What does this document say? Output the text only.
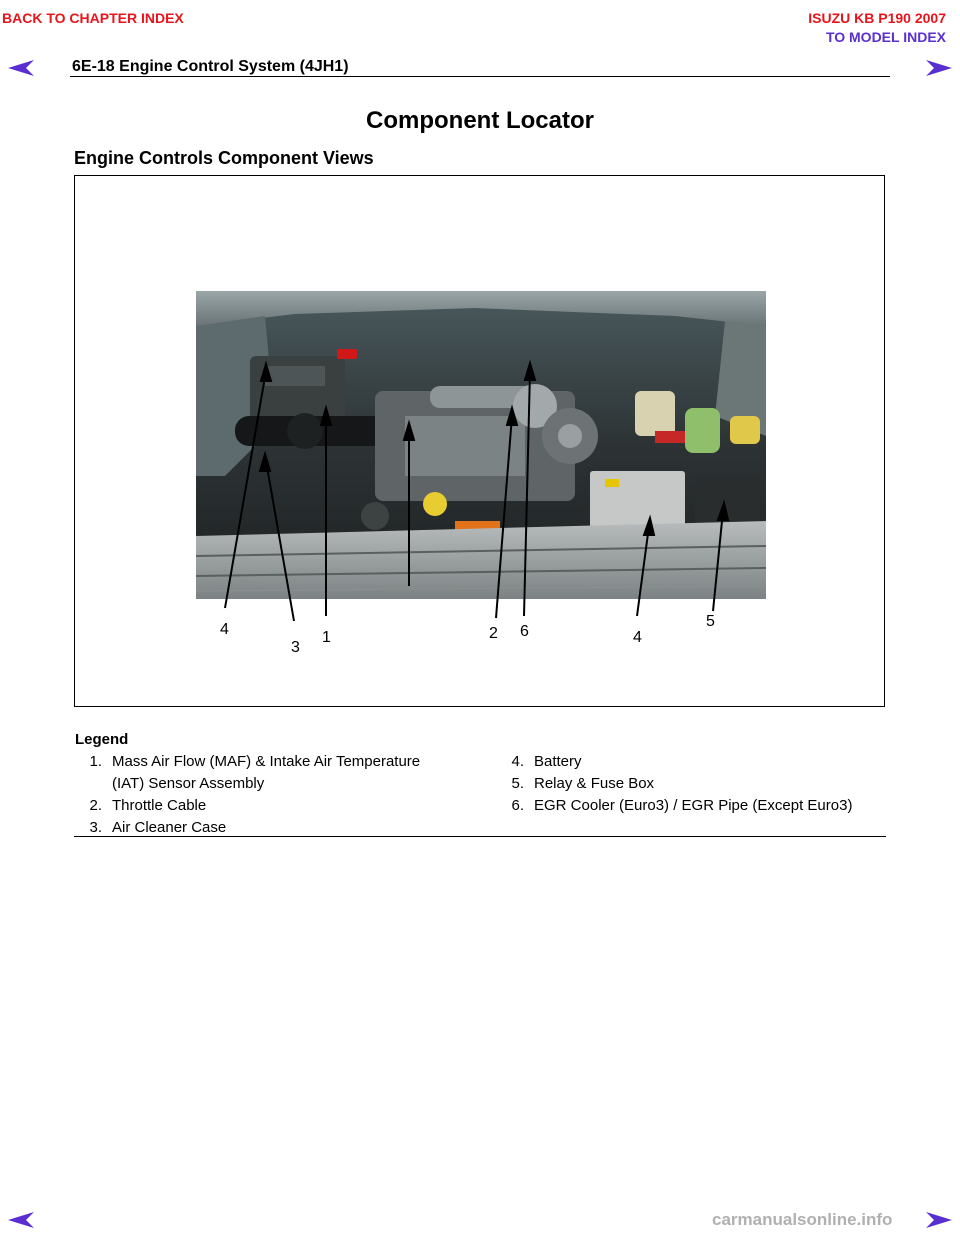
BACK TO CHAPTER INDEX	ISUZU KB P190 2007
TO MODEL INDEX
6E-18 Engine Control System (4JH1)
Component Locator
Engine Controls Component Views
4
3
1	2 6	4
5
Legend
1. Mass Air Flow (MAF) & Intake Air Temperature
(IAT) Sensor Assembly
2. Throttle Cable
3. Air Cleaner Case
4. Battery
5. Relay & Fuse Box
6. EGR Cooler (Euro3) / EGR Pipe (Except Euro3)
carmanualsonline.info
